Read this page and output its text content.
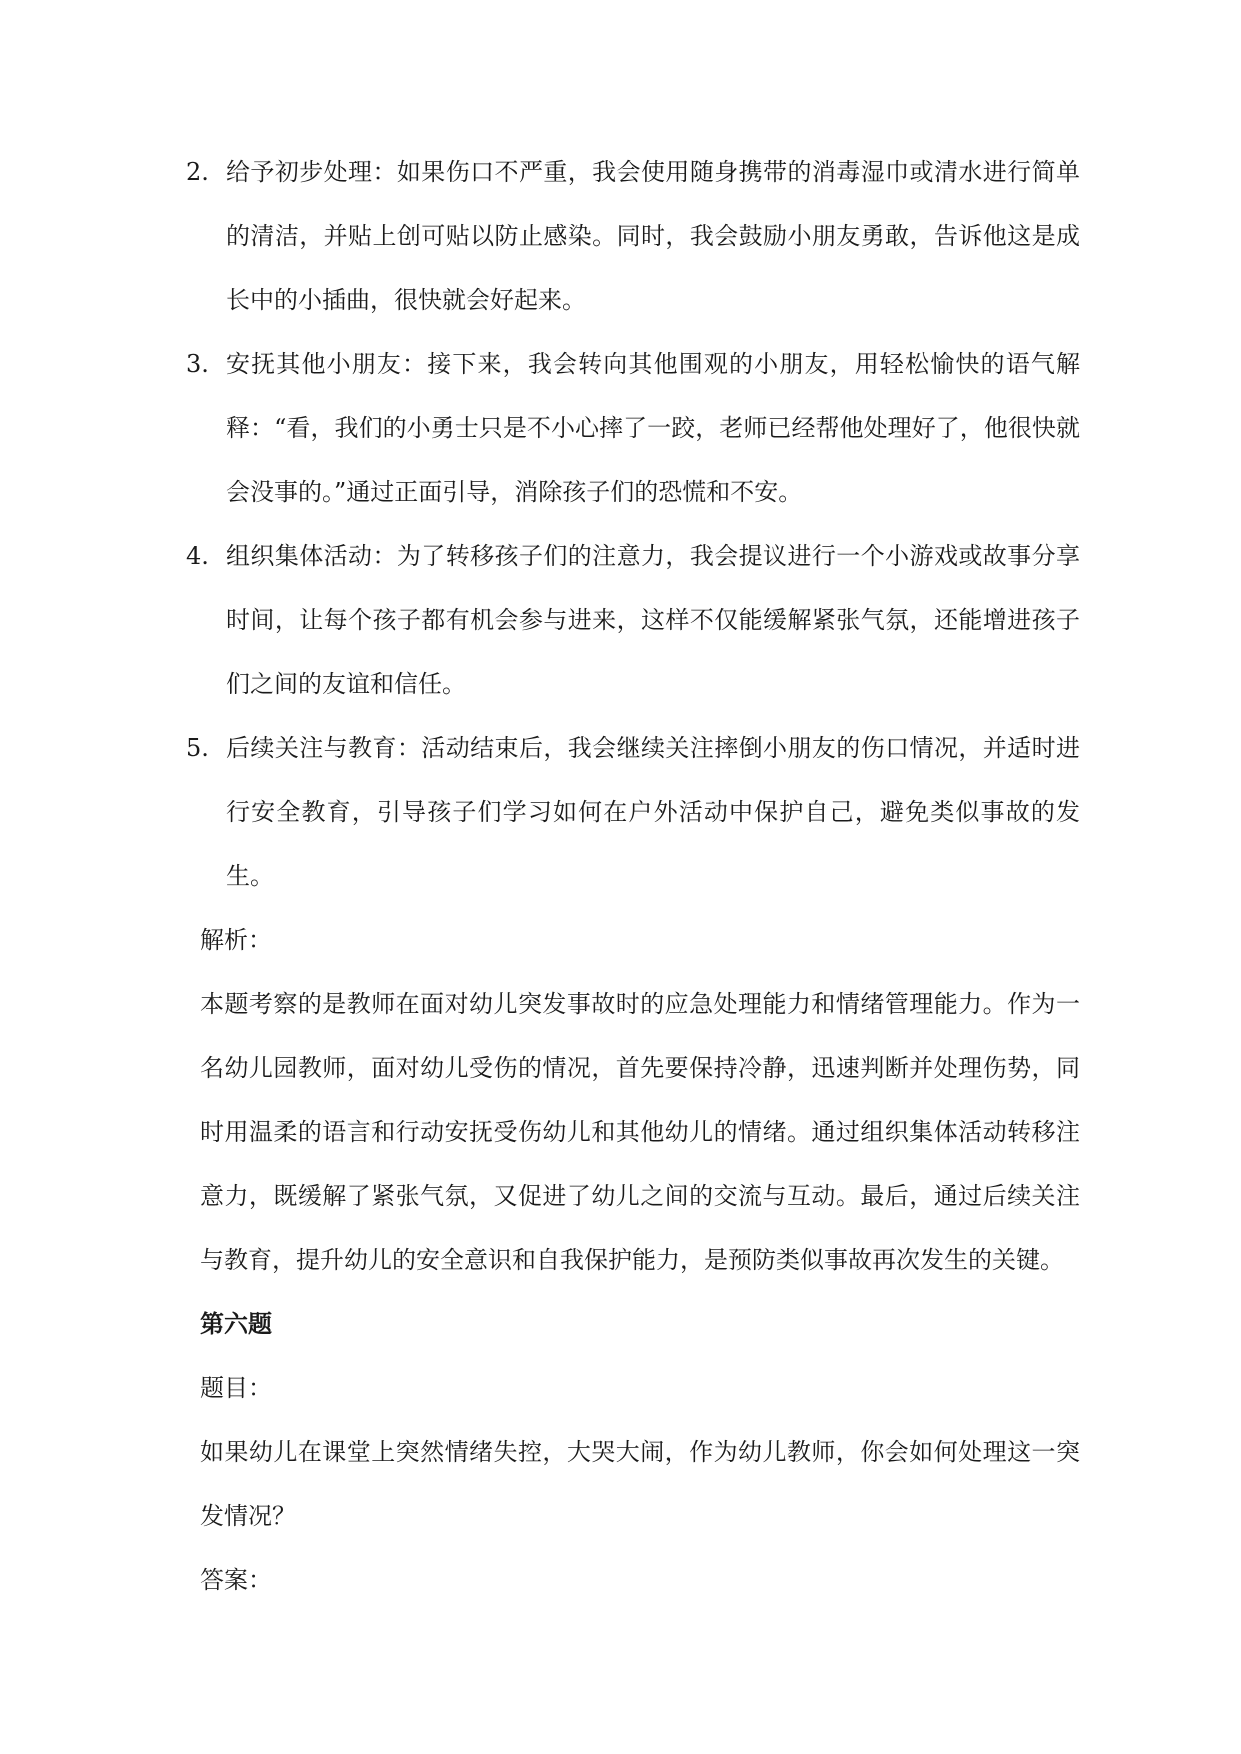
2. 给予初步处理：如果伤口不严重，我会使用随身携带的消毒湿巾或清水进行简单的清洁，并贴上创可贴以防止感染。同时，我会鼓励小朋友勇敢，告诉他这是成长中的小插曲，很快就会好起来。
3. 安抚其他小朋友：接下来，我会转向其他围观的小朋友，用轻松愉快的语气解释：“看，我们的小勇士只是不小心摔了一跤，老师已经帮他处理好了，他很快就会没事的。”通过正面引导，消除孩子们的恐慌和不安。
4. 组织集体活动：为了转移孩子们的注意力，我会提议进行一个小游戏或故事分享时间，让每个孩子都有机会参与进来，这样不仅能缓解紧张气氛，还能增进孩子们之间的友谊和信任。
5. 后续关注与教育：活动结束后，我会继续关注摔倒小朋友的伤口情况，并适时进行安全教育，引导孩子们学习如何在户外活动中保护自己，避免类似事故的发生。

解析：

本题考察的是教师在面对幼儿突发事故时的应急处理能力和情绪管理能力。作为一名幼儿园教师，面对幼儿受伤的情况，首先要保持冷静，迅速判断并处理伤势，同时用温柔的语言和行动安抚受伤幼儿和其他幼儿的情绪。通过组织集体活动转移注意力，既缓解了紧张气氛，又促进了幼儿之间的交流与互动。最后，通过后续关注与教育，提升幼儿的安全意识和自我保护能力，是预防类似事故再次发生的关键。

第六题

题目：

如果幼儿在课堂上突然情绪失控，大哭大闹，作为幼儿教师，你会如何处理这一突发情况？

答案：
